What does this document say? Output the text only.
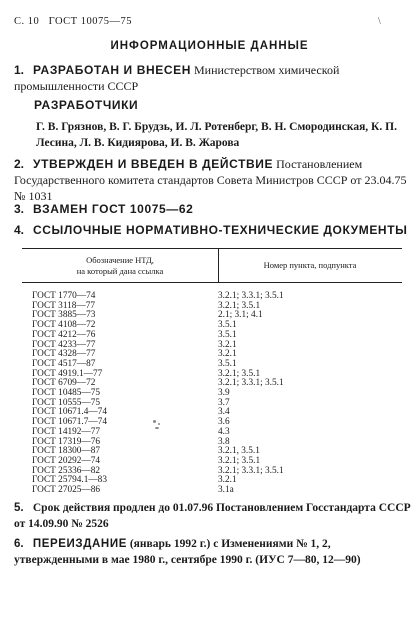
С. 10 ГОСТ 10075—75	\
ИНФОРМАЦИОННЫЕ ДАННЫЕ
1. РАЗРАБОТАН И ВНЕСЕН Министерством химической промышленности СССР
РАЗРАБОТЧИКИ
Г. В. Грязнов, В. Г. Брудзь, И. Л. Ротенберг, В. Н. Смородинская, К. П. Лесина, Л. В. Кидиярова, И. В. Жарова
2. УТВЕРЖДЕН И ВВЕДЕН В ДЕЙСТВИЕ Постановлением Государственного комитета стандартов Совета Министров СССР от 23.04.75 № 1031
3. ВЗАМЕН ГОСТ 10075—62
4. ССЫЛОЧНЫЕ НОРМАТИВНО-ТЕХНИЧЕСКИЕ ДОКУМЕНТЫ
Обозначение НТД,
на который дана ссылка
Номер пункта, подпункта
ГОСТ 1770—74	3.2.1; 3.3.1; 3.5.1
ГОСТ 3118—77	3.2.1; 3.5.1
ГОСТ 3885—73	2.1; 3.1; 4.1
ГОСТ 4108—72	3.5.1
ГОСТ 4212—76	3.5.1
ГОСТ 4233—77	3.2.1
ГОСТ 4328—77	3.2.1
ГОСТ 4517—87	3.5.1
ГОСТ 4919.1—77	3.2.1; 3.5.1
ГОСТ 6709—72	3.2.1; 3.3.1; 3.5.1
ГОСТ 10485—75	3.9
ГОСТ 10555—75	3.7
ГОСТ 10671.4—74	3.4
ГОСТ 10671.7—74	3.6
ГОСТ 14192—77	4.3
ГОСТ 17319—76	3.8
ГОСТ 18300—87	3.2.1, 3.5.1
ГОСТ 20292—74	3.2.1; 3.5.1
ГОСТ 25336—82	3.2.1; 3.3.1; 3.5.1
ГОСТ 25794.1—83	3.2.1
ГОСТ 27025—86	3.1а
5. Срок действия продлен до 01.07.96 Постановлением Госстандарта СССР от 14.09.90 № 2526
6. ПЕРЕИЗДАНИЕ (январь 1992 г.) с Изменениями № 1, 2, утвержденными в мае 1980 г., сентябре 1990 г. (ИУС 7—80, 12—90)
